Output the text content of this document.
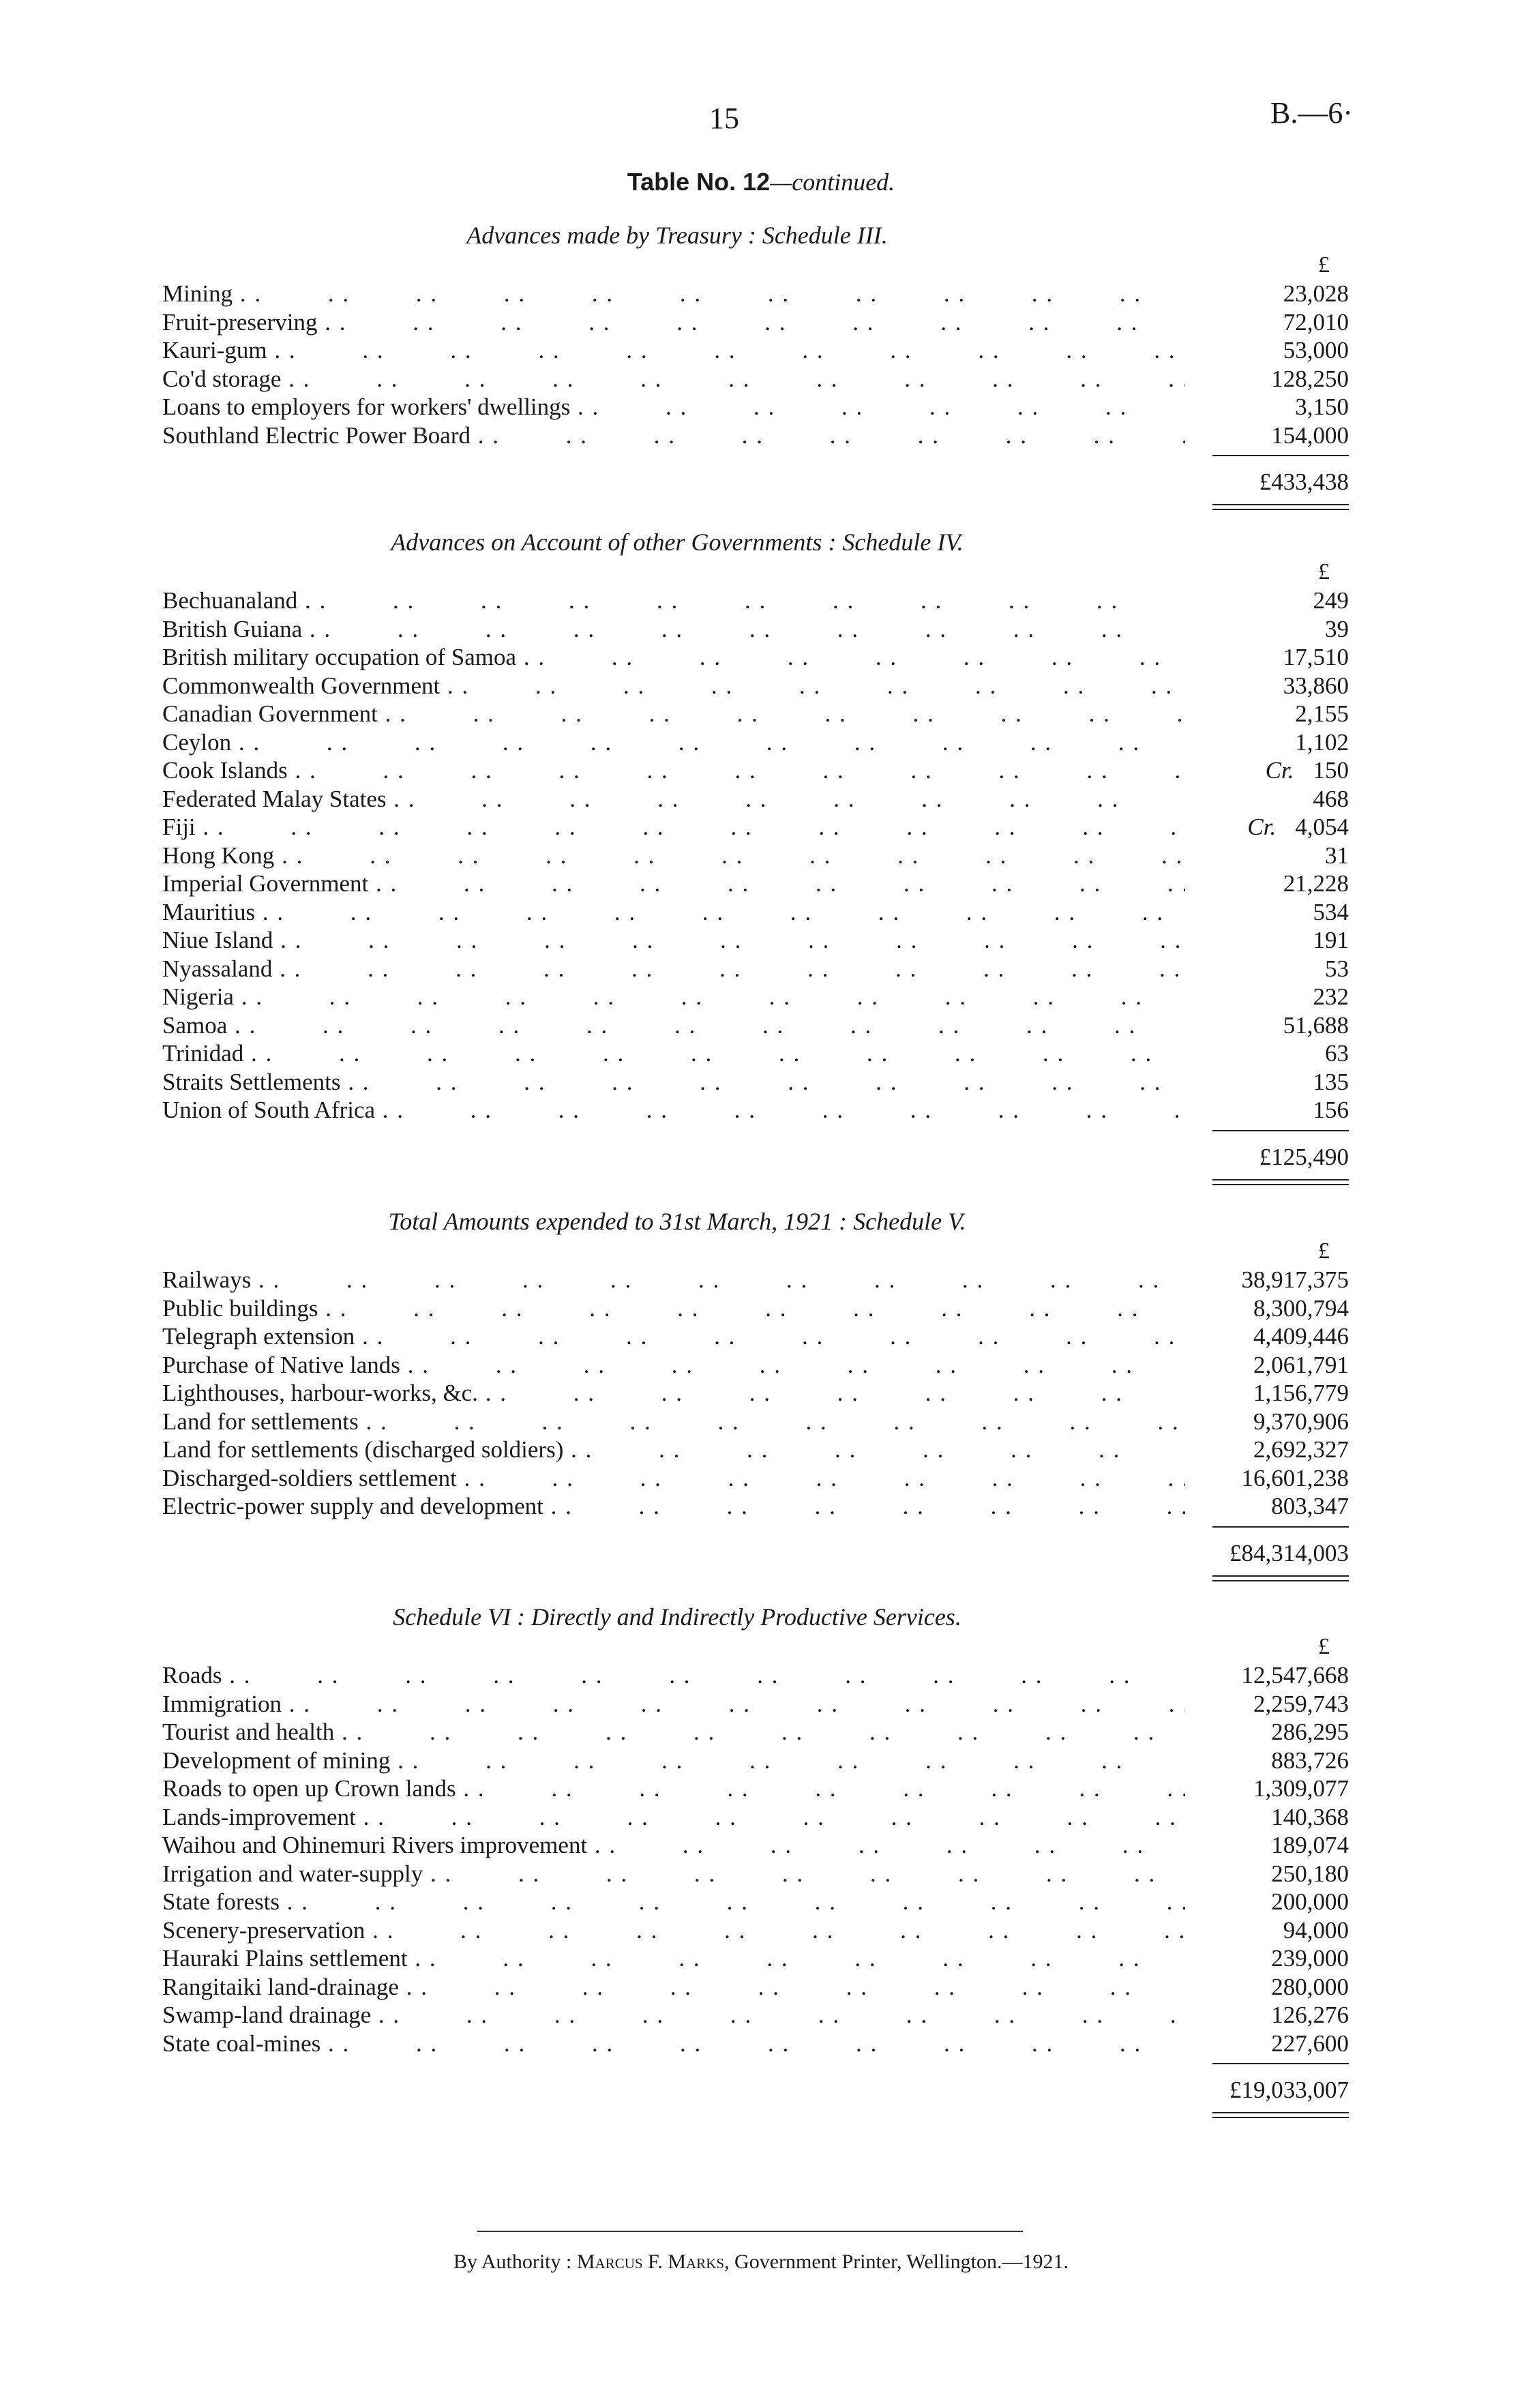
15	B.—6·
Table No. 12—continued.
Advances made by Treasury : Schedule III.
£
Mining . .	23,028
Fruit-preserving . .	72,010
Kauri-gum . .	53,000
Co'd storage . .	128,250
Loans to employers for workers' dwellings . .	3,150
Southland Electric Power Board . .	154,000
£433,438
Advances on Account of other Governments : Schedule IV.
£
Bechuanaland . .	249
British Guiana . .	39
British military occupation of Samoa . .	17,510
Commonwealth Government . .	33,860
Canadian Government . .	2,155
Ceylon . .	1,102
Cook Islands . .	Cr. 150
Federated Malay States . .	468
Fiji . .	Cr. 4,054
Hong Kong . .	31
Imperial Government . .	21,228
Mauritius . .	534
Niue Island . .	191
Nyassaland . .	53
Nigeria . .	232
Samoa . .	51,688
Trinidad . .	63
Straits Settlements . .	135
Union of South Africa . .	156
£125,490
Total Amounts expended to 31st March, 1921 : Schedule V.
£
Railways . .	38,917,375
Public buildings . .	8,300,794
Telegraph extension . .	4,409,446
Purchase of Native lands . .	2,061,791
Lighthouses, harbour-works, &c. . .	1,156,779
Land for settlements . .	9,370,906
Land for settlements (discharged soldiers) . .	2,692,327
Discharged-soldiers settlement . .	16,601,238
Electric-power supply and development . .	803,347
£84,314,003
Schedule VI : Directly and Indirectly Productive Services.
£
Roads . .	12,547,668
Immigration . .	2,259,743
Tourist and health . .	286,295
Development of mining . .	883,726
Roads to open up Crown lands . .	1,309,077
Lands-improvement . .	140,368
Waihou and Ohinemuri Rivers improvement . .	189,074
Irrigation and water-supply . .	250,180
State forests . .	200,000
Scenery-preservation . .	94,000
Hauraki Plains settlement . .	239,000
Rangitaiki land-drainage . .	280,000
Swamp-land drainage . .	126,276
State coal-mines . .	227,600
£19,033,007
By Authority : Marcus F. Marks, Government Printer, Wellington.—1921.
